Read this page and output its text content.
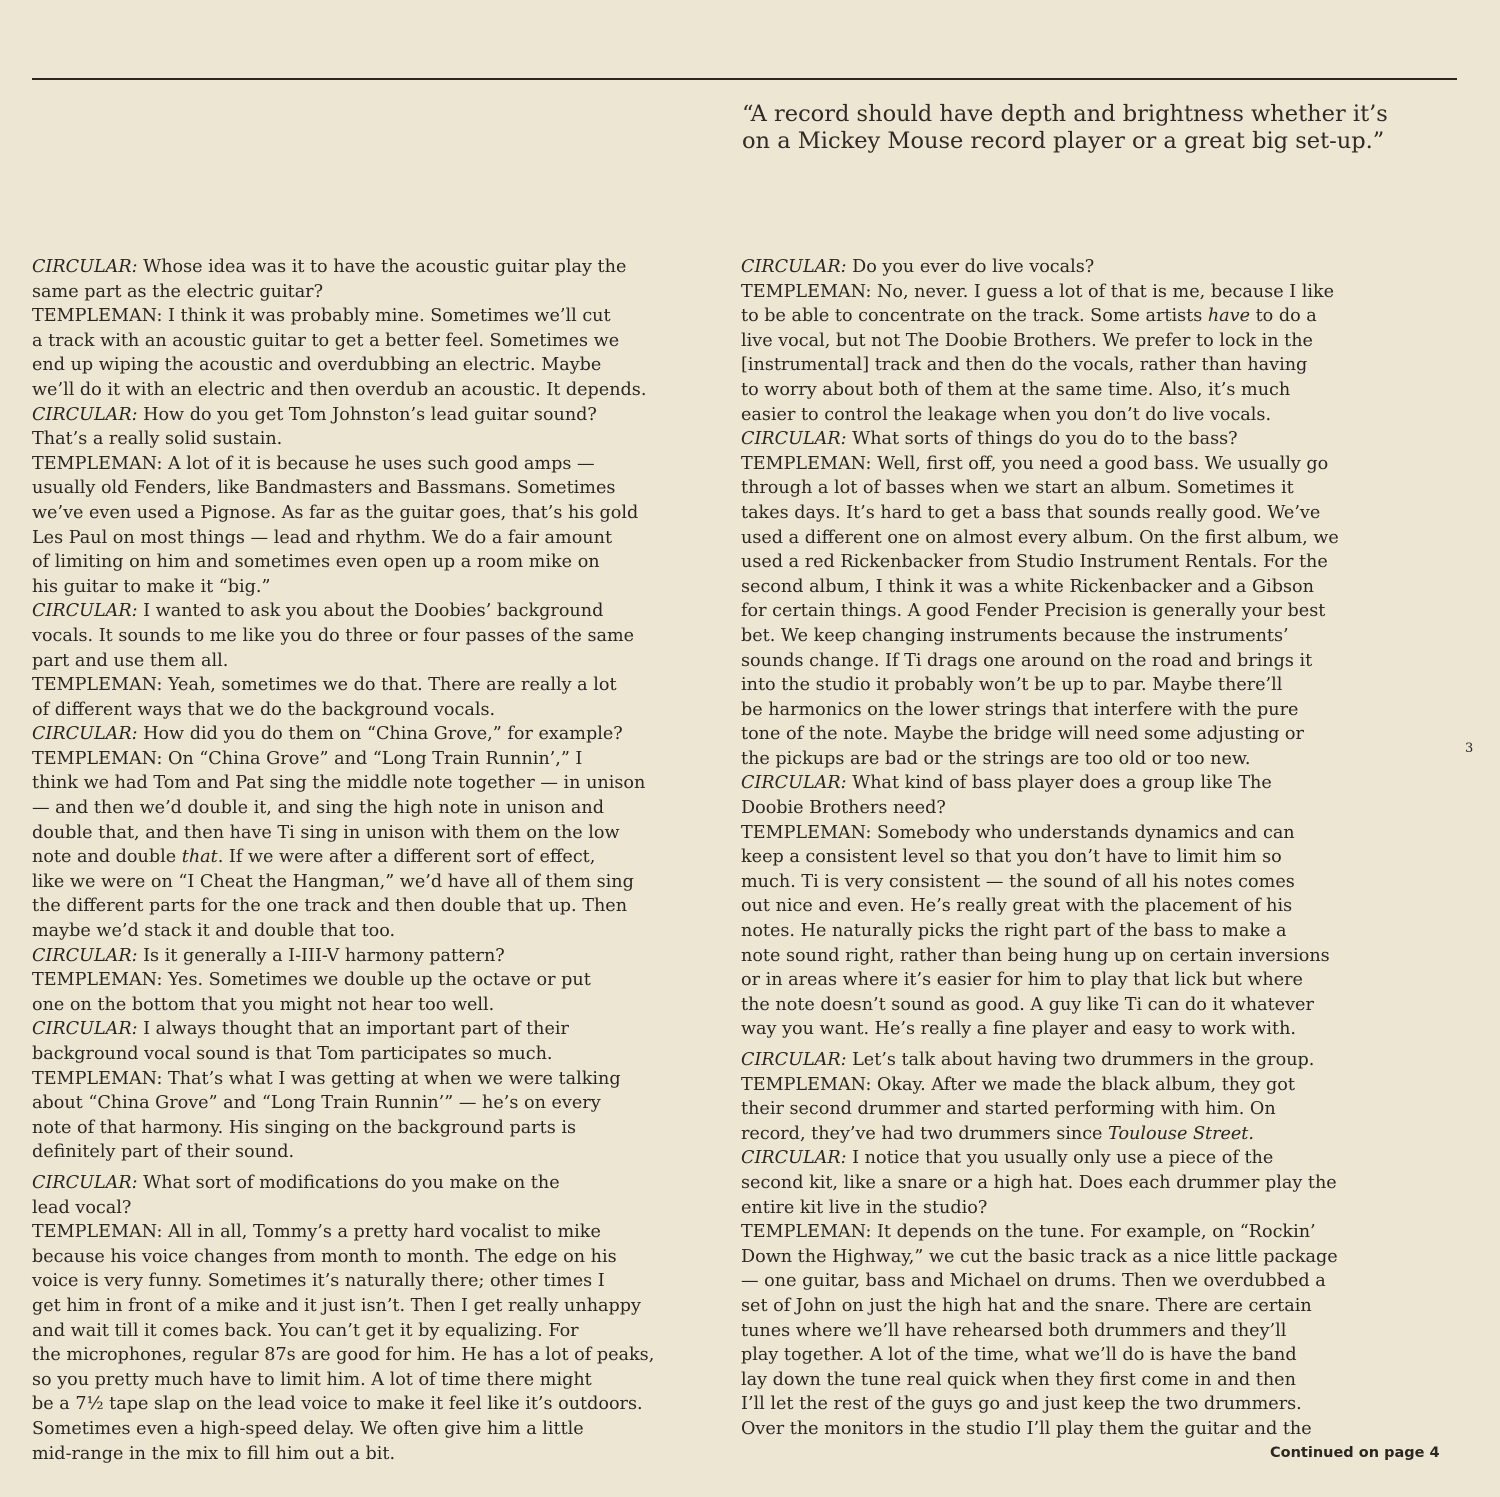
“A record should have depth and brightness whether it’s
on a Mickey Mouse record player or a great big set-up.”
CIRCULAR: Whose idea was it to have the acoustic guitar play the
same part as the electric guitar?
TEMPLEMAN: I think it was probably mine. Sometimes we’ll cut
a track with an acoustic guitar to get a better feel. Sometimes we
end up wiping the acoustic and overdubbing an electric. Maybe
we’ll do it with an electric and then overdub an acoustic. It depends.
CIRCULAR: How do you get Tom Johnston’s lead guitar sound?
That’s a really solid sustain.
TEMPLEMAN: A lot of it is because he uses such good amps —
usually old Fenders, like Bandmasters and Bassmans. Sometimes
we’ve even used a Pignose. As far as the guitar goes, that’s his gold
Les Paul on most things — lead and rhythm. We do a fair amount
of limiting on him and sometimes even open up a room mike on
his guitar to make it “big.”
CIRCULAR: I wanted to ask you about the Doobies’ background
vocals. It sounds to me like you do three or four passes of the same
part and use them all.
TEMPLEMAN: Yeah, sometimes we do that. There are really a lot
of different ways that we do the background vocals.
CIRCULAR: How did you do them on “China Grove,” for example?
TEMPLEMAN: On “China Grove” and “Long Train Runnin’,” I
think we had Tom and Pat sing the middle note together — in unison
— and then we’d double it, and sing the high note in unison and
double that, and then have Ti sing in unison with them on the low
note and double that. If we were after a different sort of effect,
like we were on “I Cheat the Hangman,” we’d have all of them sing
the different parts for the one track and then double that up. Then
maybe we’d stack it and double that too.
CIRCULAR: Is it generally a I-III-V harmony pattern?
TEMPLEMAN: Yes. Sometimes we double up the octave or put
one on the bottom that you might not hear too well.
CIRCULAR: I always thought that an important part of their
background vocal sound is that Tom participates so much.
TEMPLEMAN: That’s what I was getting at when we were talking
about “China Grove” and “Long Train Runnin’” — he’s on every
note of that harmony. His singing on the background parts is
definitely part of their sound.
CIRCULAR: What sort of modifications do you make on the
lead vocal?
TEMPLEMAN: All in all, Tommy’s a pretty hard vocalist to mike
because his voice changes from month to month. The edge on his
voice is very funny. Sometimes it’s naturally there; other times I
get him in front of a mike and it just isn’t. Then I get really unhappy
and wait till it comes back. You can’t get it by equalizing. For
the microphones, regular 87s are good for him. He has a lot of peaks,
so you pretty much have to limit him. A lot of time there might
be a 7½ tape slap on the lead voice to make it feel like it’s outdoors.
Sometimes even a high-speed delay. We often give him a little
mid-range in the mix to fill him out a bit.
CIRCULAR: Do you ever do live vocals?
TEMPLEMAN: No, never. I guess a lot of that is me, because I like
to be able to concentrate on the track. Some artists have to do a
live vocal, but not The Doobie Brothers. We prefer to lock in the
[instrumental] track and then do the vocals, rather than having
to worry about both of them at the same time. Also, it’s much
easier to control the leakage when you don’t do live vocals.
CIRCULAR: What sorts of things do you do to the bass?
TEMPLEMAN: Well, first off, you need a good bass. We usually go
through a lot of basses when we start an album. Sometimes it
takes days. It’s hard to get a bass that sounds really good. We’ve
used a different one on almost every album. On the first album, we
used a red Rickenbacker from Studio Instrument Rentals. For the
second album, I think it was a white Rickenbacker and a Gibson
for certain things. A good Fender Precision is generally your best
bet. We keep changing instruments because the instruments’
sounds change. If Ti drags one around on the road and brings it
into the studio it probably won’t be up to par. Maybe there’ll
be harmonics on the lower strings that interfere with the pure
tone of the note. Maybe the bridge will need some adjusting or
the pickups are bad or the strings are too old or too new.
CIRCULAR: What kind of bass player does a group like The
Doobie Brothers need?
TEMPLEMAN: Somebody who understands dynamics and can
keep a consistent level so that you don’t have to limit him so
much. Ti is very consistent — the sound of all his notes comes
out nice and even. He’s really great with the placement of his
notes. He naturally picks the right part of the bass to make a
note sound right, rather than being hung up on certain inversions
or in areas where it’s easier for him to play that lick but where
the note doesn’t sound as good. A guy like Ti can do it whatever
way you want. He’s really a fine player and easy to work with.
CIRCULAR: Let’s talk about having two drummers in the group.
TEMPLEMAN: Okay. After we made the black album, they got
their second drummer and started performing with him. On
record, they’ve had two drummers since Toulouse Street.
CIRCULAR: I notice that you usually only use a piece of the
second kit, like a snare or a high hat. Does each drummer play the
entire kit live in the studio?
TEMPLEMAN: It depends on the tune. For example, on “Rockin’
Down the Highway,” we cut the basic track as a nice little package
— one guitar, bass and Michael on drums. Then we overdubbed a
set of John on just the high hat and the snare. There are certain
tunes where we’ll have rehearsed both drummers and they’ll
play together. A lot of the time, what we’ll do is have the band
lay down the tune real quick when they first come in and then
I’ll let the rest of the guys go and just keep the two drummers.
Over the monitors in the studio I’ll play them the guitar and the
3
Continued on page 4
